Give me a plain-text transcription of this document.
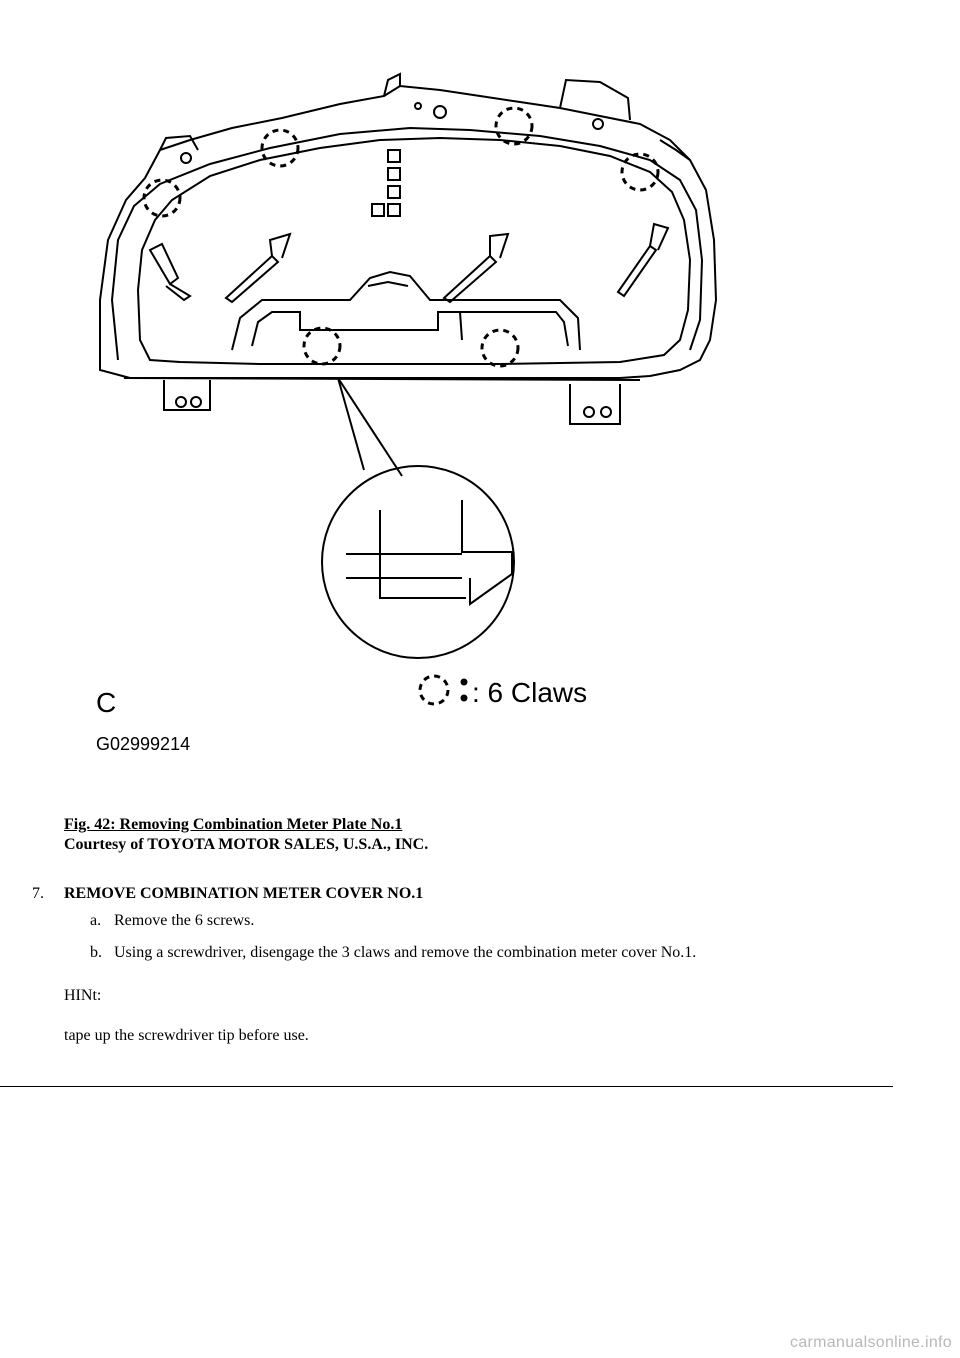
C	: 6 Claws
G02999214
Fig. 42: Removing Combination Meter Plate No.1
Courtesy of TOYOTA MOTOR SALES, U.S.A., INC.
7. REMOVE COMBINATION METER COVER NO.1
a. Remove the 6 screws.
b. Using a screwdriver, disengage the 3 claws and remove the combination meter cover No.1.
HINt:
tape up the screwdriver tip before use.
carmanualsonline.info
